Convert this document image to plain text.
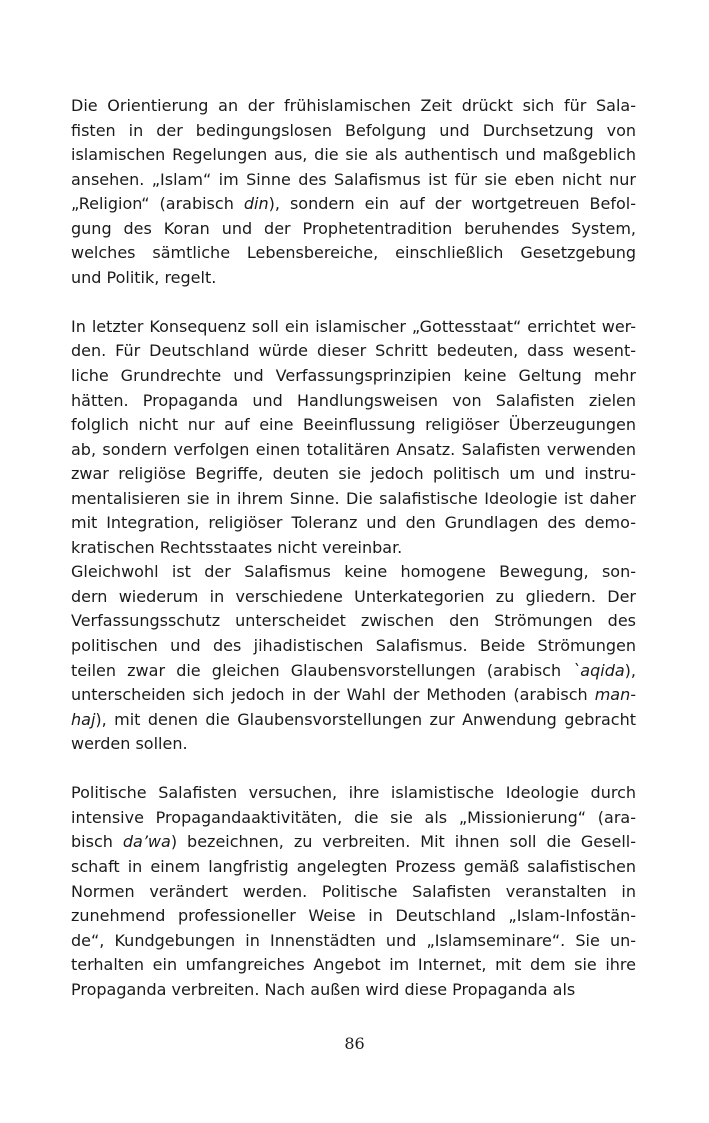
Die Orientierung an der frühislamischen Zeit drückt sich für Sala-
fisten in der bedingungslosen Befolgung und Durchsetzung von
islamischen Regelungen aus, die sie als authentisch und maßgeblich
ansehen. „Islam“ im Sinne des Salafismus ist für sie eben nicht nur
„Religion“ (arabisch din), sondern ein auf der wortgetreuen Befol-
gung des Koran und der Prophetentradition beruhendes System,
welches sämtliche Lebensbereiche, einschließlich Gesetzgebung
und Politik, regelt.
In letzter Konsequenz soll ein islamischer „Gottesstaat“ errichtet wer-
den. Für Deutschland würde dieser Schritt bedeuten, dass wesent-
liche Grundrechte und Verfassungsprinzipien keine Geltung mehr
hätten. Propaganda und Handlungsweisen von Salafisten zielen
folglich nicht nur auf eine Beeinflussung religiöser Überzeugungen
ab, sondern verfolgen einen totalitären Ansatz. Salafisten verwenden
zwar religiöse Begriffe, deuten sie jedoch politisch um und instru-
mentalisieren sie in ihrem Sinne. Die salafistische Ideologie ist daher
mit Integration, religiöser Toleranz und den Grundlagen des demo-
kratischen Rechtsstaates nicht vereinbar.
Gleichwohl ist der Salafismus keine homogene Bewegung, son-
dern wiederum in verschiedene Unterkategorien zu gliedern. Der
Verfassungsschutz unterscheidet zwischen den Strömungen des
politischen und des jihadistischen Salafismus. Beide Strömungen
teilen zwar die gleichen Glaubensvorstellungen (arabisch `aqida),
unterscheiden sich jedoch in der Wahl der Methoden (arabisch man-
haj), mit denen die Glaubensvorstellungen zur Anwendung gebracht
werden sollen.
Politische Salafisten versuchen, ihre islamistische Ideologie durch
intensive Propagandaaktivitäten, die sie als „Missionierung“ (ara-
bisch da’wa) bezeichnen, zu verbreiten. Mit ihnen soll die Gesell-
schaft in einem langfristig angelegten Prozess gemäß salafistischen
Normen verändert werden. Politische Salafisten veranstalten in
zunehmend professioneller Weise in Deutschland „Islam-Infostän-
de“, Kundgebungen in Innenstädten und „Islamseminare“. Sie un-
terhalten ein umfangreiches Angebot im Internet, mit dem sie ihre
Propaganda verbreiten. Nach außen wird diese Propaganda als
86
